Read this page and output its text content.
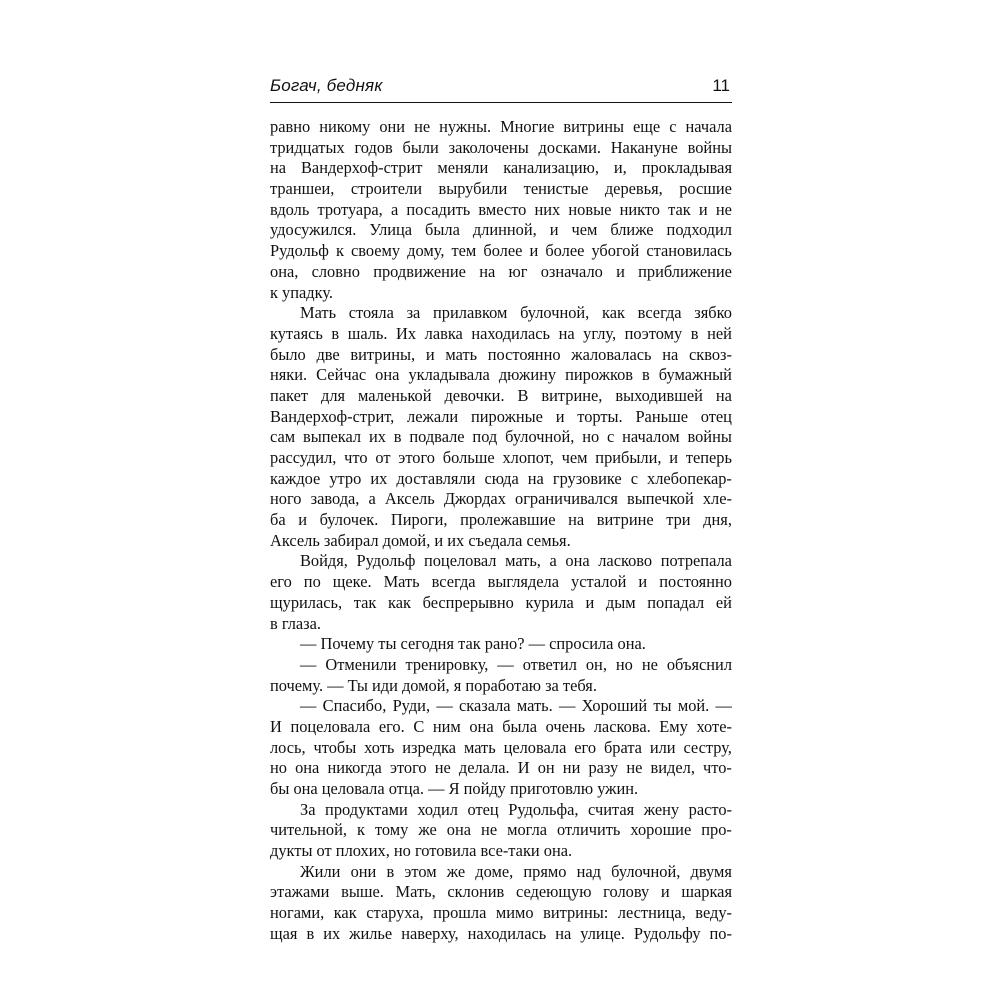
Богач, бедняк	11
равно никому они не нужны. Многие витрины еще с начала
тридцатых годов были заколочены досками. Накануне войны
на Вандерхоф-стрит меняли канализацию, и, прокладывая
траншеи, строители вырубили тенистые деревья, росшие
вдоль тротуара, а посадить вместо них новые никто так и не
удосужился. Улица была длинной, и чем ближе подходил
Рудольф к своему дому, тем более и более убогой становилась
она, словно продвижение на юг означало и приближение
к упадку.
Мать стояла за прилавком булочной, как всегда зябко
кутаясь в шаль. Их лавка находилась на углу, поэтому в ней
было две витрины, и мать постоянно жаловалась на сквоз-
няки. Сейчас она укладывала дюжину пирожков в бумажный
пакет для маленькой девочки. В витрине, выходившей на
Вандерхоф-стрит, лежали пирожные и торты. Раньше отец
сам выпекал их в подвале под булочной, но с началом войны
рассудил, что от этого больше хлопот, чем прибыли, и теперь
каждое утро их доставляли сюда на грузовике с хлебопекар-
ного завода, а Аксель Джордах ограничивался выпечкой хле-
ба и булочек. Пироги, пролежавшие на витрине три дня,
Аксель забирал домой, и их съедала семья.
Войдя, Рудольф поцеловал мать, а она ласково потрепала
его по щеке. Мать всегда выглядела усталой и постоянно
щурилась, так как беспрерывно курила и дым попадал ей
в глаза.
— Почему ты сегодня так рано? — спросила она.
— Отменили тренировку, — ответил он, но не объяснил
почему. — Ты иди домой, я поработаю за тебя.
— Спасибо, Руди, — сказала мать. — Хороший ты мой. —
И поцеловала его. С ним она была очень ласкова. Ему хоте-
лось, чтобы хоть изредка мать целовала его брата или сестру,
но она никогда этого не делала. И он ни разу не видел, что-
бы она целовала отца. — Я пойду приготовлю ужин.
За продуктами ходил отец Рудольфа, считая жену расто-
чительной, к тому же она не могла отличить хорошие про-
дукты от плохих, но готовила все-таки она.
Жили они в этом же доме, прямо над булочной, двумя
этажами выше. Мать, склонив седеющую голову и шаркая
ногами, как старуха, прошла мимо витрины: лестница, веду-
щая в их жилье наверху, находилась на улице. Рудольфу по-
